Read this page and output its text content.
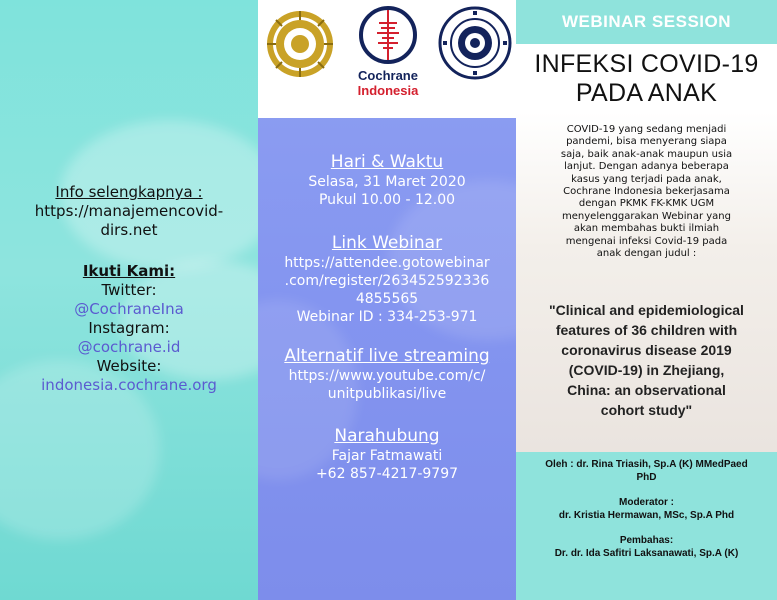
Info selengkapnya :
https://manajemencovid-
dirs.net
Ikuti Kami:
Twitter:
@CochraneIna
Instagram:
@cochrane.id
Website:
indonesia.cochrane.org
Cochrane
Indonesia
Hari & Waktu
Selasa, 31 Maret 2020
Pukul 10.00 - 12.00
Link Webinar
https://attendee.gotowebinar
.com/register/263452592336
4855565
Webinar ID : 334-253-971
Alternatif live streaming
https://www.youtube.com/c/
unitpublikasi/live
Narahubung
Fajar Fatmawati
+62 857-4217-9797
WEBINAR SESSION
INFEKSI COVID-19
PADA ANAK
COVID-19 yang sedang menjadi
pandemi, bisa menyerang siapa
saja, baik anak-anak maupun usia
lanjut. Dengan adanya beberapa
kasus yang terjadi pada anak,
Cochrane Indonesia bekerjasama
dengan PKMK FK-KMK UGM
menyelenggarakan Webinar yang
akan membahas bukti ilmiah
mengenai infeksi Covid-19 pada
anak dengan judul :
"Clinical and epidemiological
features of 36 children with
coronavirus disease 2019
(COVID-19) in Zhejiang,
China: an observational
cohort study"
Oleh : dr. Rina Triasih, Sp.A (K) MMedPaed
PhD
Moderator :
dr. Kristia Hermawan, MSc, Sp.A Phd
Pembahas:
Dr. dr. Ida Safitri Laksanawati, Sp.A (K)
